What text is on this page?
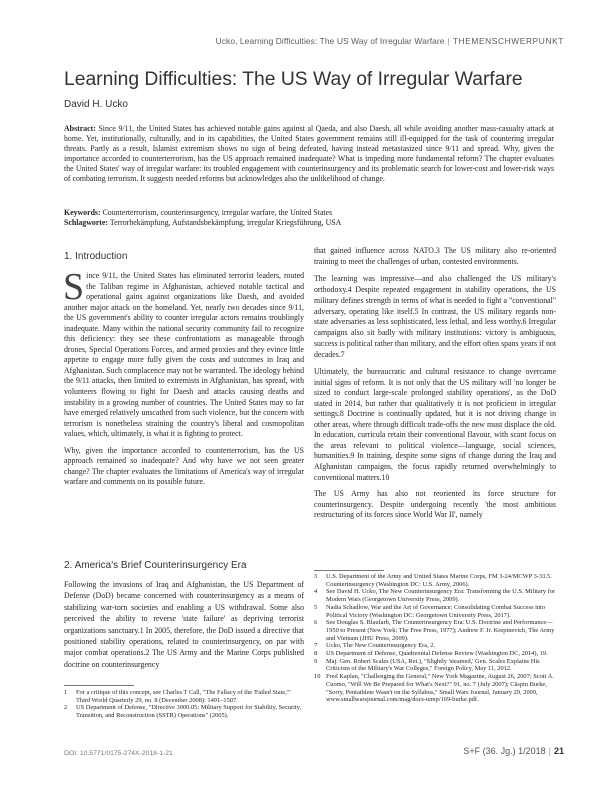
Ucko, Learning Difficulties: The US Way of Irregular Warfare | THEMENSCHWERPUNKT
Learning Difficulties: The US Way of Irregular Warfare
David H. Ucko

Abstract: Since 9/11, the United States has achieved notable gains against al Qaeda, and also Daesh, all while avoiding another mass-casualty attack at home. Yet, institutionally, culturally, and in its capabilities, the United States government remains still ill-equipped for the task of countering irregular threats. Partly as a result, Islamist extremism shows no sign of being defeated, having instead metastasized since 9/11 and spread. Why, given the importance accorded to counterterrorism, has the US approach remained inadequate? What is impeding more fundamental reform? The chapter evaluates the United States' way of irregular warfare: its troubled engagement with counterinsurgency and its problematic search for lower-cost and lower-risk ways of combating terrorism. It suggests needed reforms but acknowledges also the unlikelihood of change.

Keywords: Counterterrorism, counterinsurgency, irregular warfare, the United States

Schlagworte: Terrorbekämpfung, Aufstandsbekämpfung, irregular Kriegsführung, USA

1. Introduction

Since 9/11, the United States has eliminated terrorist leaders, routed the Taliban regime in Afghanistan, achieved notable tactical and operational gains against organizations like Daesh, and avoided another major attack on the homeland. Yet, nearly two decades since 9/11, the US government's ability to counter irregular actors remains troublingly inadequate. Many within the national security community fail to recognize this deficiency: they see these confrontations as manageable through drones, Special Operations Forces, and armed proxies and they evince little appetite to engage more fully given the costs and outcomes in Iraq and Afghanistan. Such complacence may not be warranted. The ideology behind the 9/11 attacks, then limited to extremists in Afghanistan, has spread, with volunteers flowing to fight for Daesh and attacks causing deaths and instability in a growing number of countries. The United States may so far have emerged relatively unscathed from such violence, but the concern with terrorism is nonetheless straining the country's liberal and cosmopolitan values, which, ultimately, is what it is fighting to protect.

Why, given the importance accorded to counterterrorism, has the US approach remained so inadequate? And why have we not seen greater change? The chapter evaluates the limitations of America's way of irregular warfare and comments on its possible future.

2. America's Brief Counterinsurgency Era

Following the invasions of Iraq and Afghanistan, the US Department of Defense (DoD) became concerned with counterinsurgency as a means of stabilizing war-torn societies and enabling a US withdrawal. Some also perceived the ability to reverse 'state failure' as depriving terrorist organizations sanctuary.1 In 2005, therefore, the DoD issued a directive that positioned stability operations, related to counterinsurgency, on par with major combat operations.2 The US Army and the Marine Corps published doctrine on counterinsurgency

1	For a critique of this concept, see Charles T Call, "The Fallacy of the 'Failed State,'" Third World Quarterly 29, no. 8 (December 2008): 1491–1507.
2	US Department of Defense, "Directive 3000.05: Military Support for Stability, Security, Transition, and Reconstruction (SSTR) Operations" (2005).

that gained influence across NATO.3 The US military also re-oriented training to meet the challenges of urban, contested environments.

The learning was impressive—and also challenged the US military's orthodoxy.4 Despite repeated engagement in stability operations, the US military defines strength in terms of what is needed to fight a "conventional" adversary, operating like itself.5 In contrast, the US military regards non-state adversaries as less sophisticated, less lethal, and less worthy.6 Irregular campaigns also sit badly with military institutions: victory is ambiguous, success is political rather than military, and the effort often spans years if not decades.7

Ultimately, the bureaucratic and cultural resistance to change overcame initial signs of reform. It is not only that the US military will 'no longer be sized to conduct large-scale prolonged stability operations', as the DoD stated in 2014, but rather that qualitatively it is not proficient in irregular settings.8 Doctrine is continually updated, but it is not driving change in other areas, where through difficult trade-offs the new must displace the old. In education, curricula retain their conventional flavour, with scant focus on the areas relevant to political violence—language, social sciences, humanities.9 In training, despite some signs of change during the Iraq and Afghanistan campaigns, the focus rapidly returned overwhelmingly to conventional matters.10

The US Army has also not reoriented its force structure for counterinsurgency. Despite undergoing recently 'the most ambitious restructuring of its forces since World War II', namely

3	U.S. Department of the Army and United States Marine Corps, FM 3-24/MCWP 3-33.5. Counterinsurgency (Washington DC: U.S. Army, 2006).
4	See David H. Ucko, The New Counterinsurgency Era: Transforming the U.S. Military for Modern Wars (Georgetown University Press, 2009).
5	Nadia Schadlow, War and the Art of Governance: Consolidating Combat Success into Political Victory (Washington DC: Georgetown University Press, 2017).
6	See Douglas S. Blaufarb, The Counterinsurgency Era: U.S. Doctrine and Performance— 1950 to Present (New York: The Free Press, 1977); Andrew F. Jr. Krepinevich, The Army and Vietnam (JHU Press, 2009).
7	Ucko, The New Counterinsurgency Era, 2.
8	US Department of Defense, Quadrennial Defense Review (Washington DC, 2014), 19.
9	Maj. Gen. Robert Scales (USA, Ret.), "Slightly 'steamed,' Gen. Scales Explains His Criticism of the Military's War Colleges," Foreign Policy, May 11, 2012.
10 Fred Kaplan, "Challenging the General," New York Magazine, August 26, 2007; Scott A. Cuomo, "Will We Be Prepared for What's Next?" 91, no. 7 (July 2007); Căspin Burke, "Sorry, Pentathlete Wasn't on the Syllabus," Small Wars Journal, January 29, 2009, www.smallwarsjournal.com/mag/docs-temp/169-burke.pdf.
DOI: 10.5771/0175-274X-2018-1-21	S+F (36. Jg.) 1/2018 | 21
